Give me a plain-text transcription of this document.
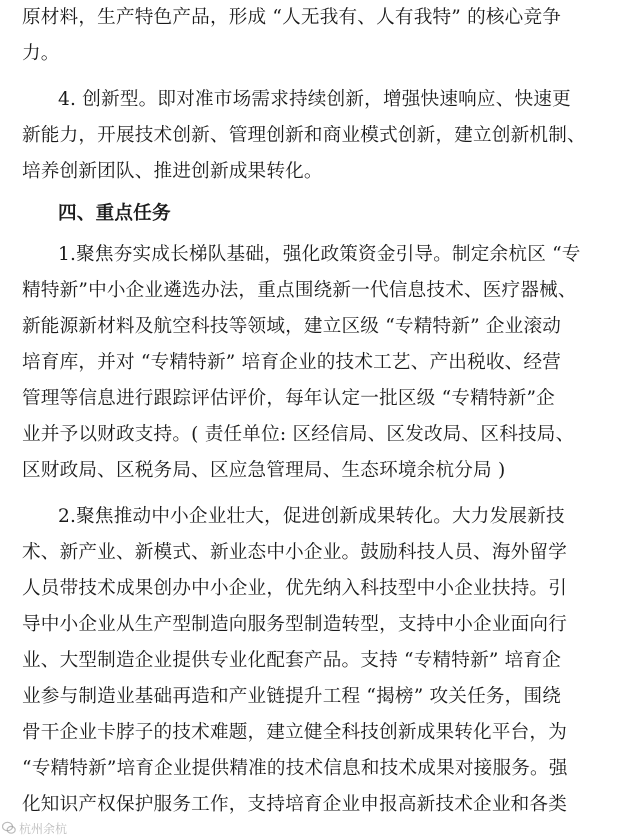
原材料，生产特色产品，形成 “人无我有、人有我特” 的核心竞争
力。
4. 创新型。即对准市场需求持续创新，增强快速响应、快速更
新能力，开展技术创新、管理创新和商业模式创新，建立创新机制、
培养创新团队、推进创新成果转化。
四、重点任务
1.聚焦夯实成长梯队基础，强化政策资金引导。制定余杭区 “专
精特新”中小企业遴选办法，重点围绕新一代信息技术、医疗器械、
新能源新材料及航空科技等领域，建立区级 “专精特新” 企业滚动
培育库，并对 “专精特新” 培育企业的技术工艺、产出税收、经营
管理等信息进行跟踪评估评价，每年认定一批区级 “专精特新”企
业并予以财政支持。( 责任单位: 区经信局、区发改局、区科技局、
区财政局、区税务局、区应急管理局、生态环境余杭分局 )
2.聚焦推动中小企业壮大，促进创新成果转化。大力发展新技
术、新产业、新模式、新业态中小企业。鼓励科技人员、海外留学
人员带技术成果创办中小企业，优先纳入科技型中小企业扶持。引
导中小企业从生产型制造向服务型制造转型，支持中小企业面向行
业、大型制造企业提供专业化配套产品。支持 “专精特新” 培育企
业参与制造业基础再造和产业链提升工程 “揭榜” 攻关任务，围绕
骨干企业卡脖子的技术难题，建立健全科技创新成果转化平台，为
“专精特新”培育企业提供精准的技术信息和技术成果对接服务。强
化知识产权保护服务工作，支持培育企业申报高新技术企业和各类
杭州余杭
